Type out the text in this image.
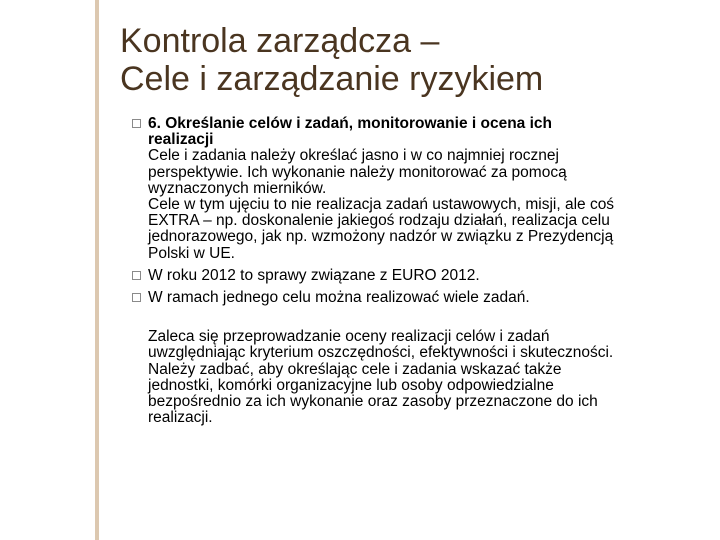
Kontrola zarządcza –
Cele i zarządzanie ryzykiem
6. Określanie celów i zadań, monitorowanie i ocena ich
realizacji
Cele i zadania należy określać jasno i w co najmniej rocznej
perspektywie. Ich wykonanie należy monitorować za pomocą
wyznaczonych mierników.
Cele w tym ujęciu to nie realizacja zadań ustawowych, misji, ale coś
EXTRA – np. doskonalenie jakiegoś rodzaju działań, realizacja celu
jednorazowego, jak np. wzmożony nadzór w związku z Prezydencją
Polski w UE.
W roku 2012 to sprawy związane z EURO 2012.
W ramach jednego celu można realizować wiele zadań.
Zaleca się przeprowadzanie oceny realizacji celów i zadań
uwzględniając kryterium oszczędności, efektywności i skuteczności.
Należy zadbać, aby określając cele i zadania wskazać także
jednostki, komórki organizacyjne lub osoby odpowiedzialne
bezpośrednio za ich wykonanie oraz zasoby przeznaczone do ich
realizacji.
